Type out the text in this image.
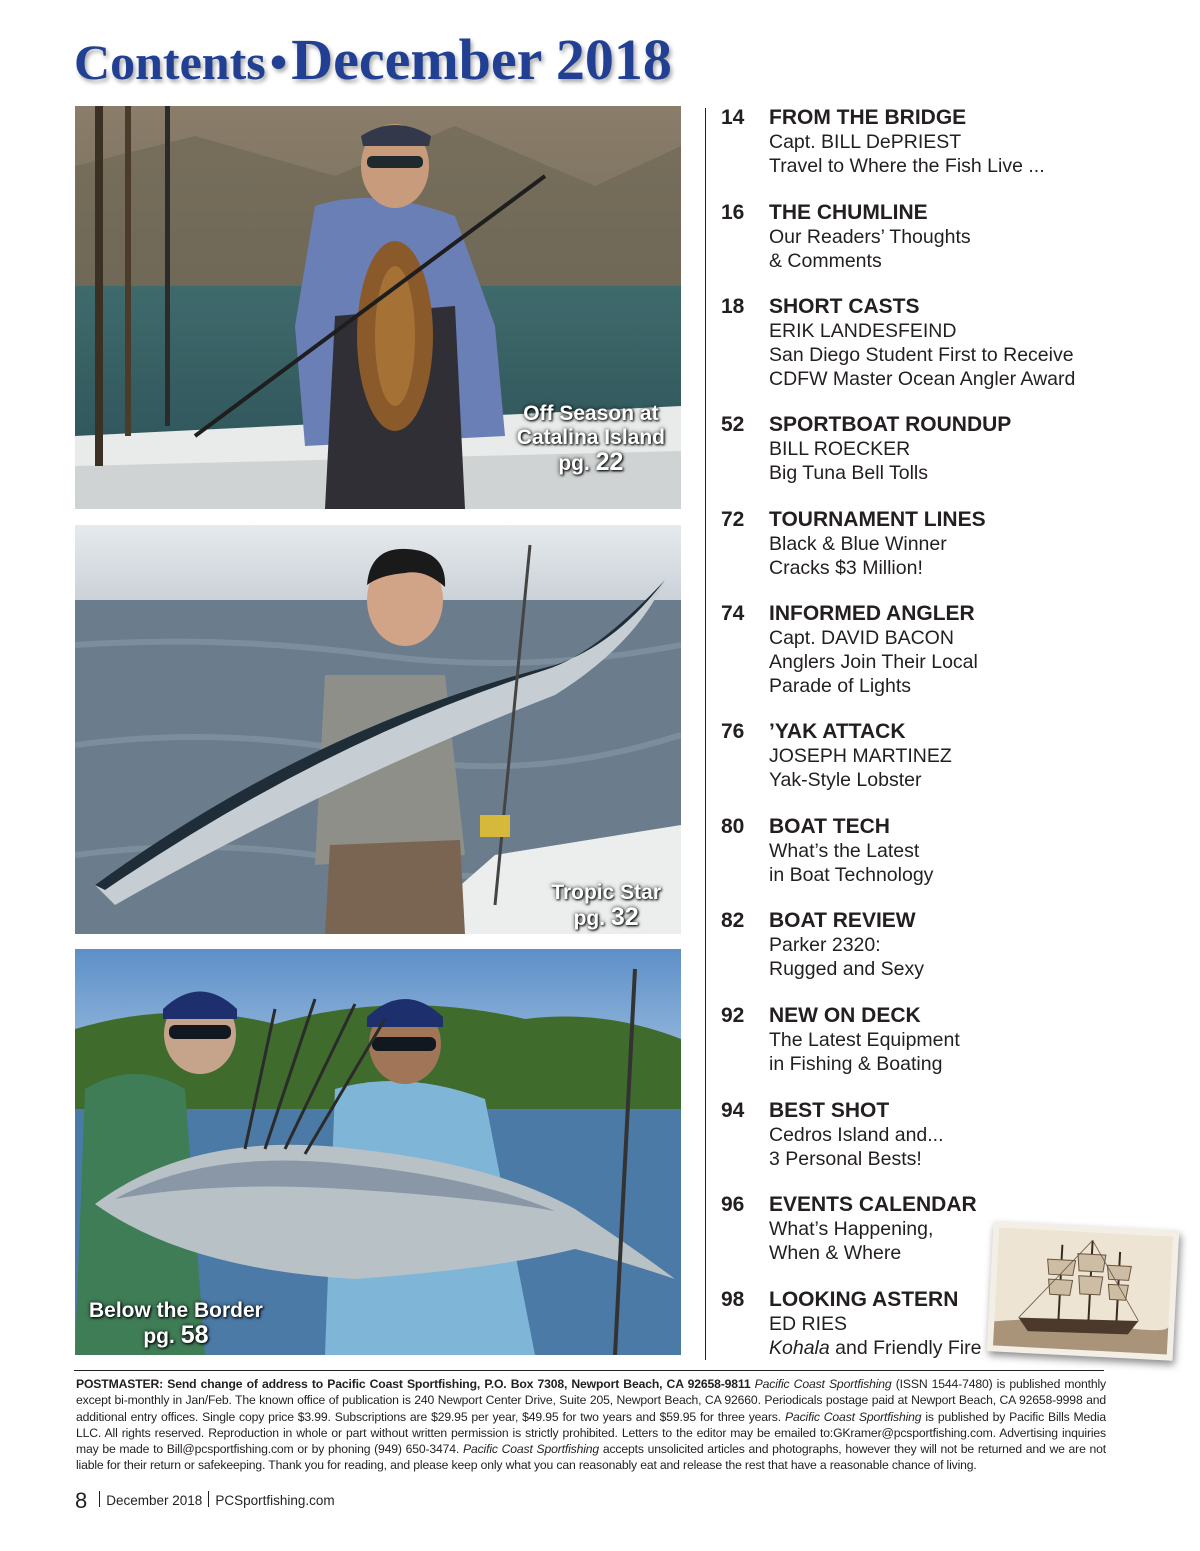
Contents • December 2018
Off Season at
Catalina Island
pg. 22
Tropic Star
pg. 32
Below the Border
pg. 58
14	FROM THE BRIDGE
Capt. BILL DePRIEST
Travel to Where the Fish Live ...
16	THE CHUMLINE
Our Readers’ Thoughts
& Comments
18	SHORT CASTS
ERIK LANDESFEIND
San Diego Student First to Receive
CDFW Master Ocean Angler Award
52	SPORTBOAT ROUNDUP
BILL ROECKER
Big Tuna Bell Tolls
72	TOURNAMENT LINES
Black & Blue Winner
Cracks $3 Million!
74	INFORMED ANGLER
Capt. DAVID BACON
Anglers Join Their Local
Parade of Lights
76	’YAK ATTACK
JOSEPH MARTINEZ
Yak-Style Lobster
80	BOAT TECH
What’s the Latest
in Boat Technology
82	BOAT REVIEW
Parker 2320:
Rugged and Sexy
92	NEW ON DECK
The Latest Equipment
in Fishing & Boating
94	BEST SHOT
Cedros Island and...
3 Personal Bests!
96	EVENTS CALENDAR
What’s Happening,
When & Where
98	LOOKING ASTERN
ED RIES
Kohala and Friendly Fire
POSTMASTER: Send change of address to Pacific Coast Sportfishing, P.O. Box 7308, Newport Beach, CA 92658-9811 Pacific Coast Sportfishing (ISSN 1544-7480) is published monthly except bi-monthly in Jan/Feb. The known office of publication is 240 Newport Center Drive, Suite 205, Newport Beach, CA 92660. Periodicals postage paid at Newport Beach, CA 92658-9998 and additional entry offices. Single copy price $3.99. Subscriptions are $29.95 per year, $49.95 for two years and $59.95 for three years. Pacific Coast Sportfishing is published by Pacific Bills Media LLC. All rights reserved. Reproduction in whole or part without written permission is strictly prohibited. Letters to the editor may be emailed to:GKramer@pcsportfishing.com. Advertising inquiries may be made to Bill@pcsportfishing.com or by phoning (949) 650-3474. Pacific Coast Sportfishing accepts unsolicited articles and photographs, however they will not be returned and we are not liable for their return or safekeeping. Thank you for reading, and please keep only what you can reasonably eat and release the rest that have a reasonable chance of living.
8 December 2018 PCSportfishing.com
